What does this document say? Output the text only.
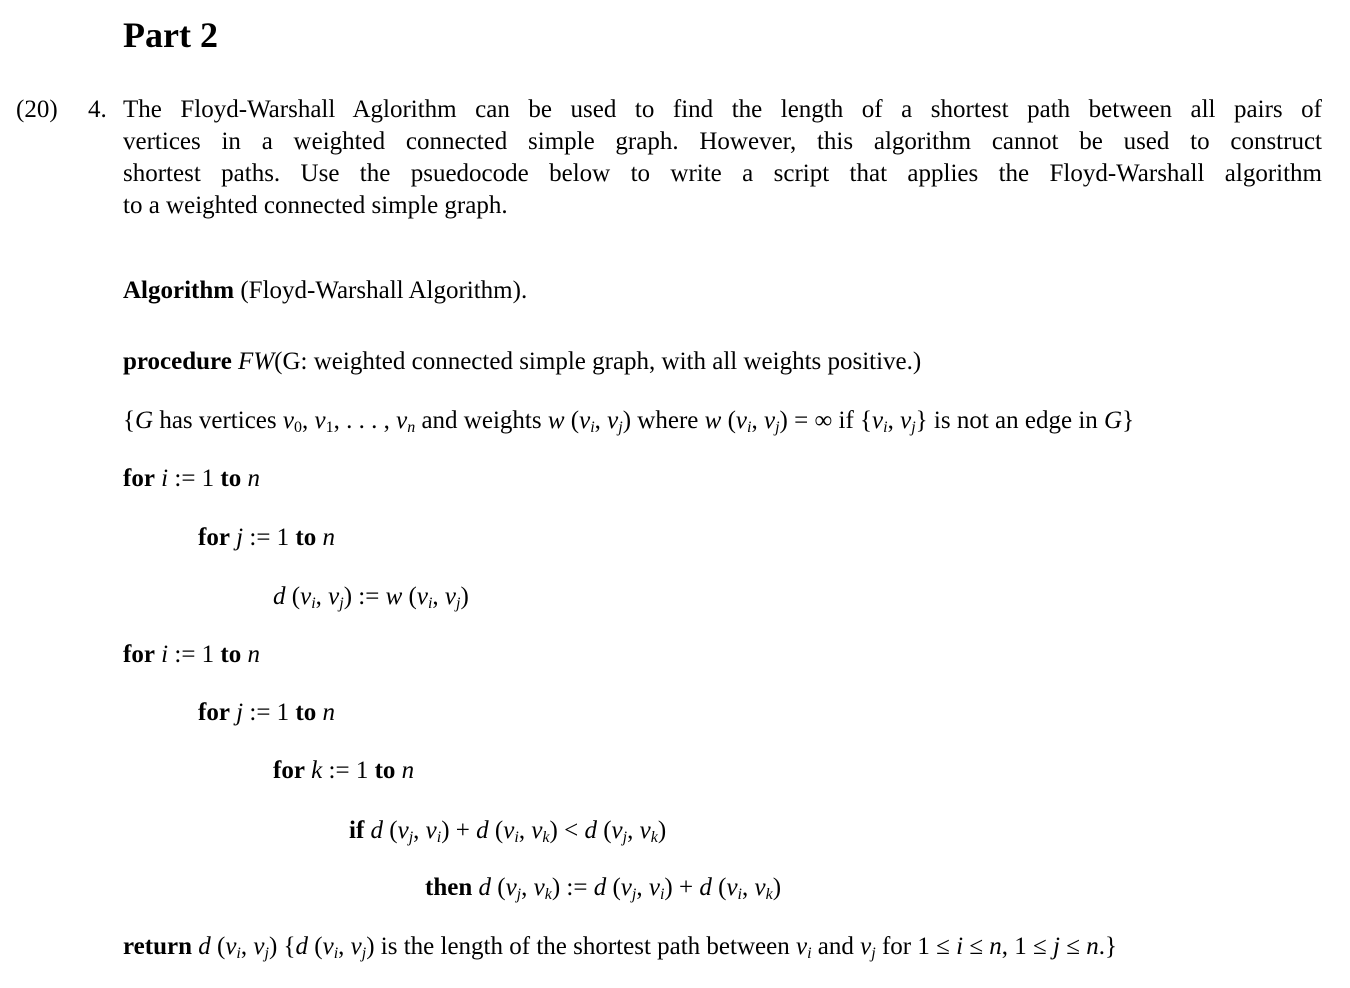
Part 2
(20) 4. The Floyd-Warshall Aglorithm can be used to find the length of a shortest path between all pairs of
vertices in a weighted connected simple graph. However, this algorithm cannot be used to construct
shortest paths. Use the psuedocode below to write a script that applies the Floyd-Warshall algorithm
to a weighted connected simple graph.
Algorithm (Floyd-Warshall Algorithm).
procedure FW(G: weighted connected simple graph, with all weights positive.)
{G has vertices $v_0$, $v_1$, . . . , $v_n$ and weights w ($v_i$, $v_j$) where w ($v_i$, $v_j$) = ∞ if {$v_i$, $v_j$} is not an edge in G}
for i := 1 to n
for j := 1 to n
d ($v_i$, $v_j$) := w ($v_i$, $v_j$)
for i := 1 to n
for j := 1 to n
for k := 1 to n
if d ($v_j$, $v_i) + d$ ($v_i$, $v_k) < d$ ($v_j$, $v_k$)
then d ($v_j$, $v_k$) := d ($v_j$, $v_i) + d$ ($v_i$, $v_k$)
return d ($v_i$, $v_j$) {d ($v_i$, $v_j$) is the length of the shortest path between $v_i$ and $v_j$ for 1 ≤ i ≤ n, 1 ≤ j ≤ n.}
